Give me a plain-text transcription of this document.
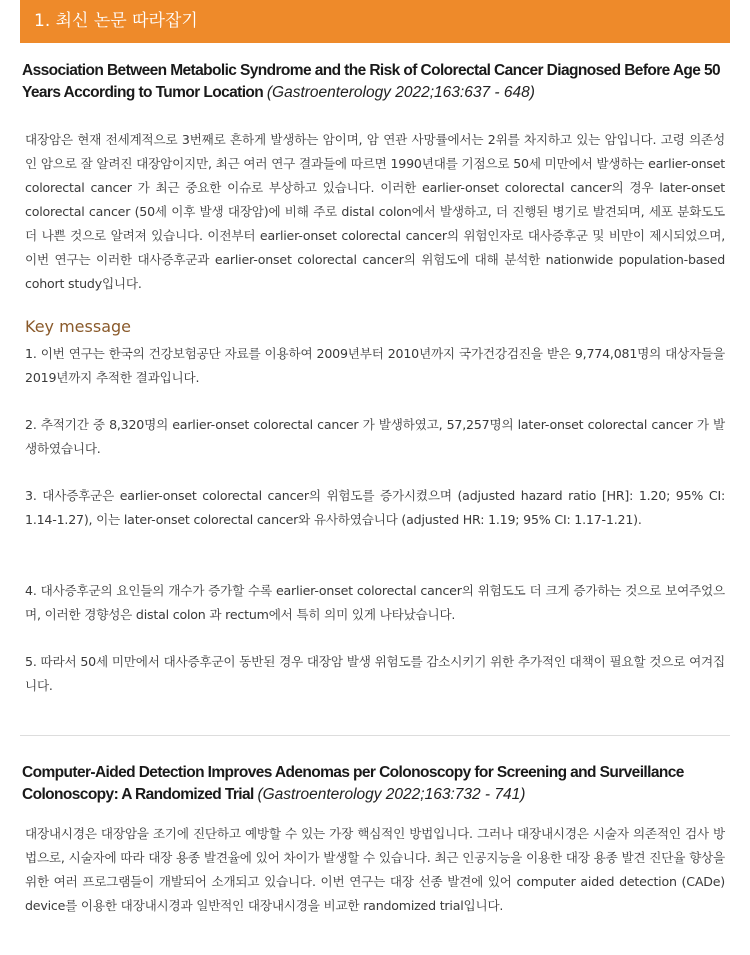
1. 최신 논문 따라잡기
Association Between Metabolic Syndrome and the Risk of Colorectal Cancer Diagnosed Before Age 50 Years According to Tumor Location (Gastroenterology 2022;163:637 - 648)

대장암은 현재 전세계적으로 3번째로 흔하게 발생하는 암이며, 암 연관 사망률에서는 2위를 차지하고 있는 암입니다. 고령 의존성인 암으로 잘 알려진 대장암이지만, 최근 여러 연구 결과들에 따르면 1990년대를 기점으로 50세 미만에서 발생하는 earlier-onset colorectal cancer 가 최근 중요한 이슈로 부상하고 있습니다. 이러한 earlier-onset colorectal cancer의 경우 later-onset colorectal cancer (50세 이후 발생 대장암)에 비해 주로 distal colon에서 발생하고, 더 진행된 병기로 발견되며, 세포 분화도도 더 나쁜 것으로 알려져 있습니다. 이전부터 earlier-onset colorectal cancer의 위험인자로 대사증후군 및 비만이 제시되었으며, 이번 연구는 이러한 대사증후군과 earlier-onset colorectal cancer의 위험도에 대해 분석한 nationwide population-based cohort study입니다.

Key message

1. 이번 연구는 한국의 건강보험공단 자료를 이용하여 2009년부터 2010년까지 국가건강검진을 받은 9,774,081명의 대상자들을 2019년까지 추적한 결과입니다.

2. 추적기간 중 8,320명의 earlier-onset colorectal cancer 가 발생하였고, 57,257명의 later-onset colorectal cancer 가 발생하였습니다.

3. 대사증후군은 earlier-onset colorectal cancer의 위험도를 증가시켰으며 (adjusted hazard ratio [HR]: 1.20; 95% CI: 1.14-1.27), 이는 later-onset colorectal cancer와 유사하였습니다 (adjusted HR: 1.19; 95% CI: 1.17-1.21).

4. 대사증후군의 요인들의 개수가 증가할 수록 earlier-onset colorectal cancer의 위험도도 더 크게 증가하는 것으로 보여주었으며, 이러한 경향성은 distal colon 과 rectum에서 특히 의미 있게 나타났습니다.

5. 따라서 50세 미만에서 대사증후군이 동반된 경우 대장암 발생 위험도를 감소시키기 위한 추가적인 대책이 필요할 것으로 여겨집니다.

Computer-Aided Detection Improves Adenomas per Colonoscopy for Screening and Surveillance Colonoscopy: A Randomized Trial (Gastroenterology 2022;163:732 - 741)

대장내시경은 대장암을 조기에 진단하고 예방할 수 있는 가장 핵심적인 방법입니다. 그러나 대장내시경은 시술자 의존적인 검사 방법으로, 시술자에 따라 대장 용종 발견율에 있어 차이가 발생할 수 있습니다. 최근 인공지능을 이용한 대장 용종 발견 진단율 향상을 위한 여러 프로그램들이 개발되어 소개되고 있습니다. 이번 연구는 대장 선종 발견에 있어 computer aided detection (CADe) device를 이용한 대장내시경과 일반적인 대장내시경을 비교한 randomized trial입니다.
